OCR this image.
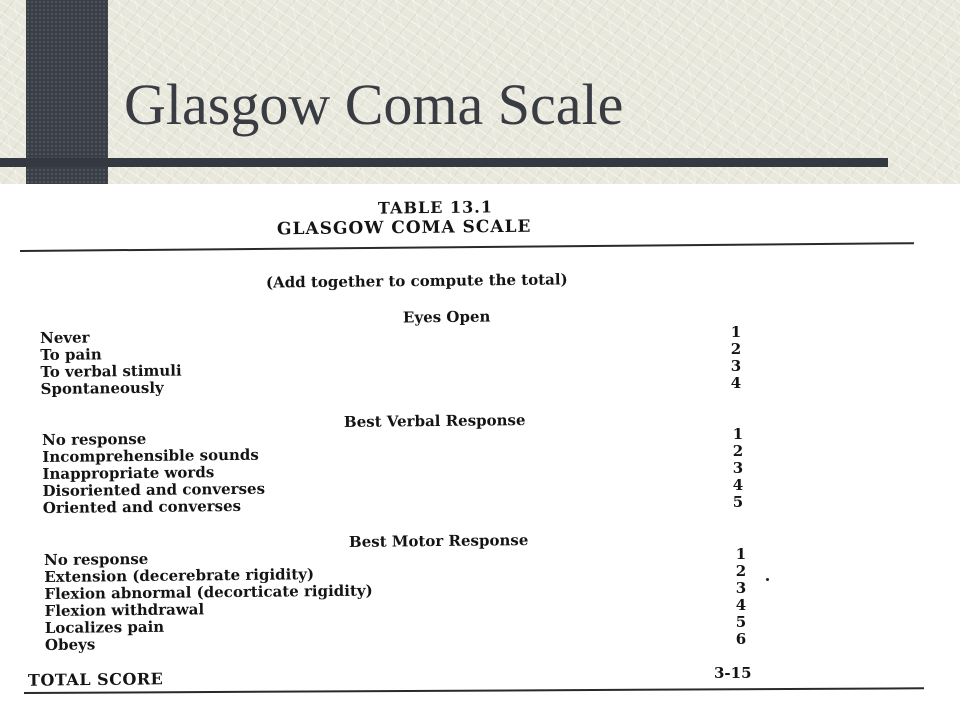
Glasgow Coma Scale
TABLE 13.1
GLASGOW COMA SCALE
(Add together to compute the total)
Eyes Open
Never
To pain
To verbal stimuli
Spontaneously
1
2
3
4
Best Verbal Response
No response
Incomprehensible sounds
Inappropriate words
Disoriented and converses
Oriented and converses
1
2
3
4
5
Best Motor Response
No response
Extension (decerebrate rigidity)
Flexion abnormal (decorticate rigidity)
Flexion withdrawal
Localizes pain
Obeys
1
2
3
4
5
6
TOTAL SCORE	3-15
